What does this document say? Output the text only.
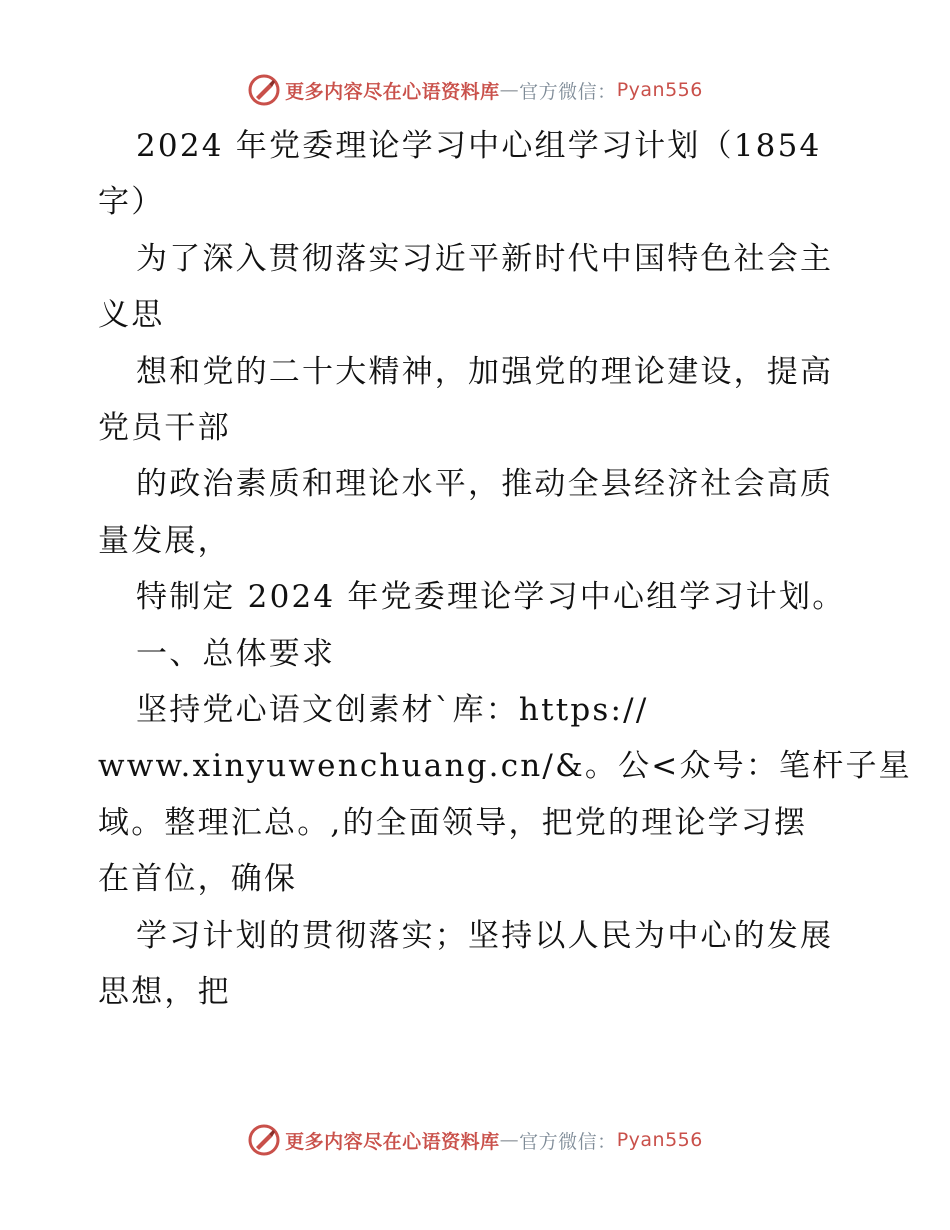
更多内容尽在心语资料库 — 官方微信： Pyan556
2024 年党委理论学习中心组学习计划（1854
字）
为了深入贯彻落实习近平新时代中国特色社会主
义思
想和党的二十大精神，加强党的理论建设，提高
党员干部
的政治素质和理论水平，推动全县经济社会高质
量发展，
特制定 2024 年党委理论学习中心组学习计划。
一、总体要求
坚持党心语文创素材`库：https://
www.xinyuwenchuang.cn/&。公<众号：笔杆子星
域。整理汇总。,的全面领导，把党的理论学习摆
在首位，确保
学习计划的贯彻落实；坚持以人民为中心的发展
思想，把
更多内容尽在心语资料库 — 官方微信： Pyan556
